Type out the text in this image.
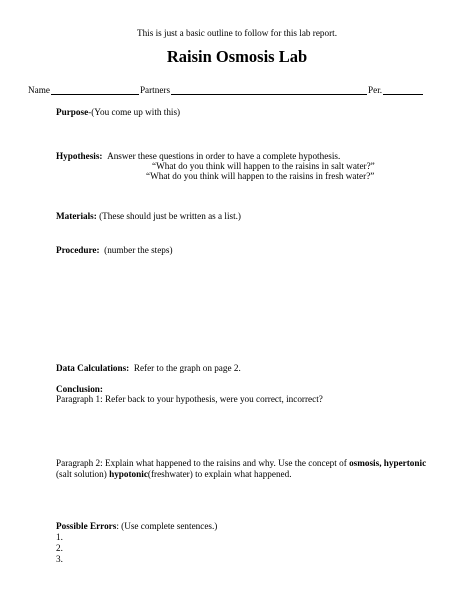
This is just a basic outline to follow for this lab report.
Raisin Osmosis Lab
Name	Partners	Per.
Purpose-(You come up with this)
Hypothesis: Answer these questions in order to have a complete hypothesis.
“What do you think will happen to the raisins in salt water?”
“What do you think will happen to the raisins in fresh water?”
Materials: (These should just be written as a list.)
Procedure: (number the steps)
Data Calculations: Refer to the graph on page 2.
Conclusion:
Paragraph 1: Refer back to your hypothesis, were you correct, incorrect?
Paragraph 2: Explain what happened to the raisins and why. Use the concept of osmosis, hypertonic
(salt solution) hypotonic(freshwater) to explain what happened.
Possible Errors: (Use complete sentences.)
1.
2.
3.
